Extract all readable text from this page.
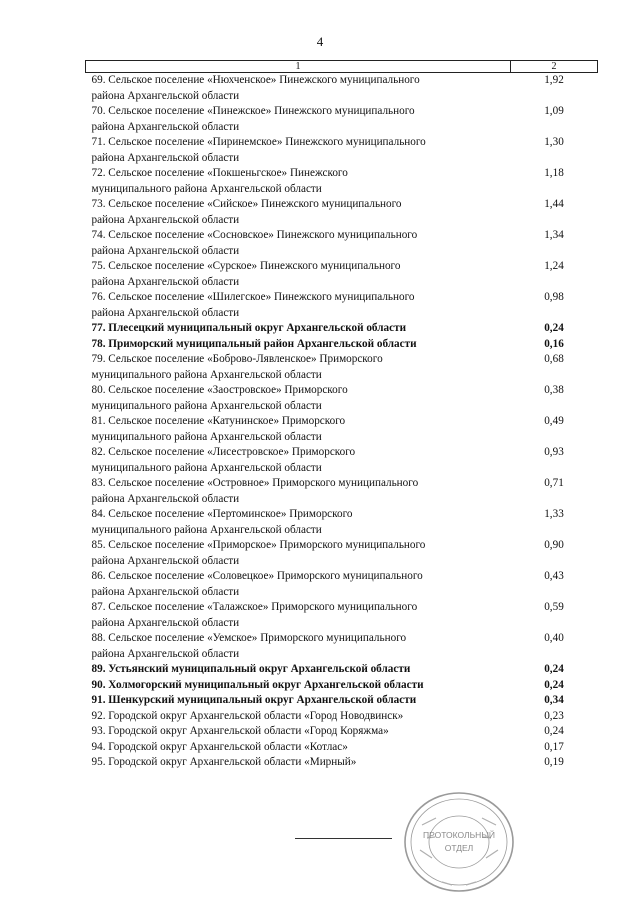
4
1	2

69. Сельское поселение «Нюхченское» Пинежского муниципального
района Архангельской области	1,92

70. Сельское поселение «Пинежское» Пинежского муниципального
района Архангельской области	1,09

71. Сельское поселение «Пиринемское» Пинежского муниципального
района Архангельской области	1,30

72. Сельское поселение «Покшеньгское» Пинежского
муниципального района Архангельской области	1,18

73. Сельское поселение «Сийское» Пинежского муниципального
района Архангельской области	1,44

74. Сельское поселение «Сосновское» Пинежского муниципального
района Архангельской области	1,34

75. Сельское поселение «Сурское» Пинежского муниципального
района Архангельской области	1,24

76. Сельское поселение «Шилегское» Пинежского муниципального
района Архангельской области	0,98

77. Плесецкий муниципальный округ Архангельской области	0,24

78. Приморский муниципальный район Архангельской области	0,16

79. Сельское поселение «Боброво-Лявленское» Приморского
муниципального района Архангельской области	0,68

80. Сельское поселение «Заостровское» Приморского
муниципального района Архангельской области	0,38

81. Сельское поселение «Катунинское» Приморского
муниципального района Архангельской области	0,49

82. Сельское поселение «Лисестровское» Приморского
муниципального района Архангельской области	0,93

83. Сельское поселение «Островное» Приморского муниципального
района Архангельской области	0,71

84. Сельское поселение «Пертоминское» Приморского
муниципального района Архангельской области	1,33

85. Сельское поселение «Приморское» Приморского муниципального
района Архангельской области	0,90

86. Сельское поселение «Соловецкое» Приморского муниципального
района Архангельской области	0,43

87. Сельское поселение «Талажское» Приморского муниципального
района Архангельской области	0,59

88. Сельское поселение «Уемское» Приморского муниципального
района Архангельской области	0,40

89. Устьянский муниципальный округ Архангельской области	0,24

90. Холмогорский муниципальный округ Архангельской области	0,24

91. Шенкурский муниципальный округ Архангельской области	0,34

92. Городской округ Архангельской области «Город Новодвинск»	0,23

93. Городской округ Архангельской области «Город Коряжма»	0,24

94. Городской округ Архангельской области «Котлас»	0,17

95. Городской округ Архангельской области «Мирный»	0,19
ПРОТОКОЛЬНЫЙ
ОТДЕЛ
